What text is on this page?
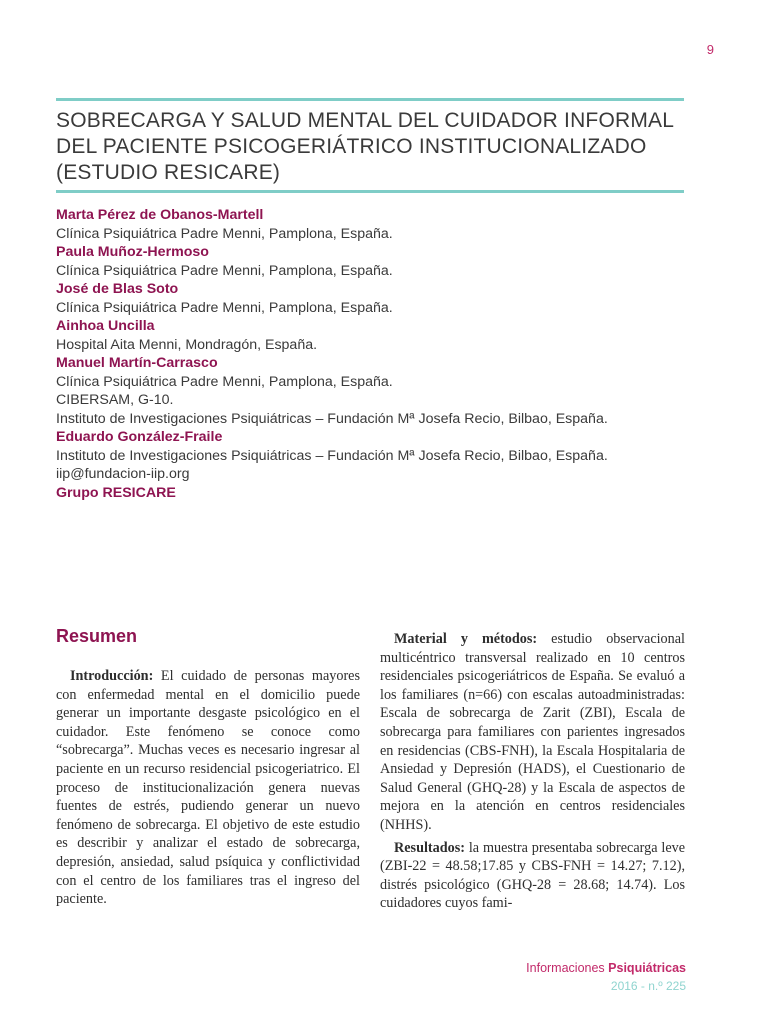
9
SOBRECARGA Y SALUD MENTAL DEL CUIDADOR INFORMAL DEL PACIENTE PSICOGERIÁTRICO INSTITUCIONALIZADO (ESTUDIO RESICARE)
Marta Pérez de Obanos-Martell
Clínica Psiquiátrica Padre Menni, Pamplona, España.
Paula Muñoz-Hermoso
Clínica Psiquiátrica Padre Menni, Pamplona, España.
José de Blas Soto
Clínica Psiquiátrica Padre Menni, Pamplona, España.
Ainhoa Uncilla
Hospital Aita Menni, Mondragón, España.
Manuel Martín-Carrasco
Clínica Psiquiátrica Padre Menni, Pamplona, España.
CIBERSAM, G-10.
Instituto de Investigaciones Psiquiátricas – Fundación Mª Josefa Recio, Bilbao, España.
Eduardo González-Fraile
Instituto de Investigaciones Psiquiátricas – Fundación Mª Josefa Recio, Bilbao, España.
iip@fundacion-iip.org
Grupo RESICARE
Resumen

Introducción: El cuidado de personas mayores con enfermedad mental en el domicilio puede generar un importante desgaste psicológico en el cuidador. Este fenómeno se conoce como “sobrecarga”. Muchas veces es necesario ingresar al paciente en un recurso residencial psicogeriatrico. El proceso de institucionalización genera nuevas fuentes de estrés, pudiendo generar un nuevo fenómeno de sobrecarga. El objetivo de este estudio es describir y analizar el estado de sobrecarga, depresión, ansiedad, salud psíquica y conflictividad con el centro de los familiares tras el ingreso del paciente.

Material y métodos: estudio observacional multicéntrico transversal realizado en 10 centros residenciales psicogeriátricos de España. Se evaluó a los familiares (n=66) con escalas autoadministradas: Escala de sobrecarga de Zarit (ZBI), Escala de sobrecarga para familiares con parientes ingresados en residencias (CBS-FNH), la Escala Hospitalaria de Ansiedad y Depresión (HADS), el Cuestionario de Salud General (GHQ-28) y la Escala de aspectos de mejora en la atención en centros residenciales (NHHS).

Resultados: la muestra presentaba sobrecarga leve (ZBI-22 = 48.58;17.85 y CBS-FNH = 14.27; 7.12), distrés psicológico (GHQ-28 = 28.68; 14.74). Los cuidadores cuyos fami-

Informaciones Psiquiátricas
2016 - n.º 225
